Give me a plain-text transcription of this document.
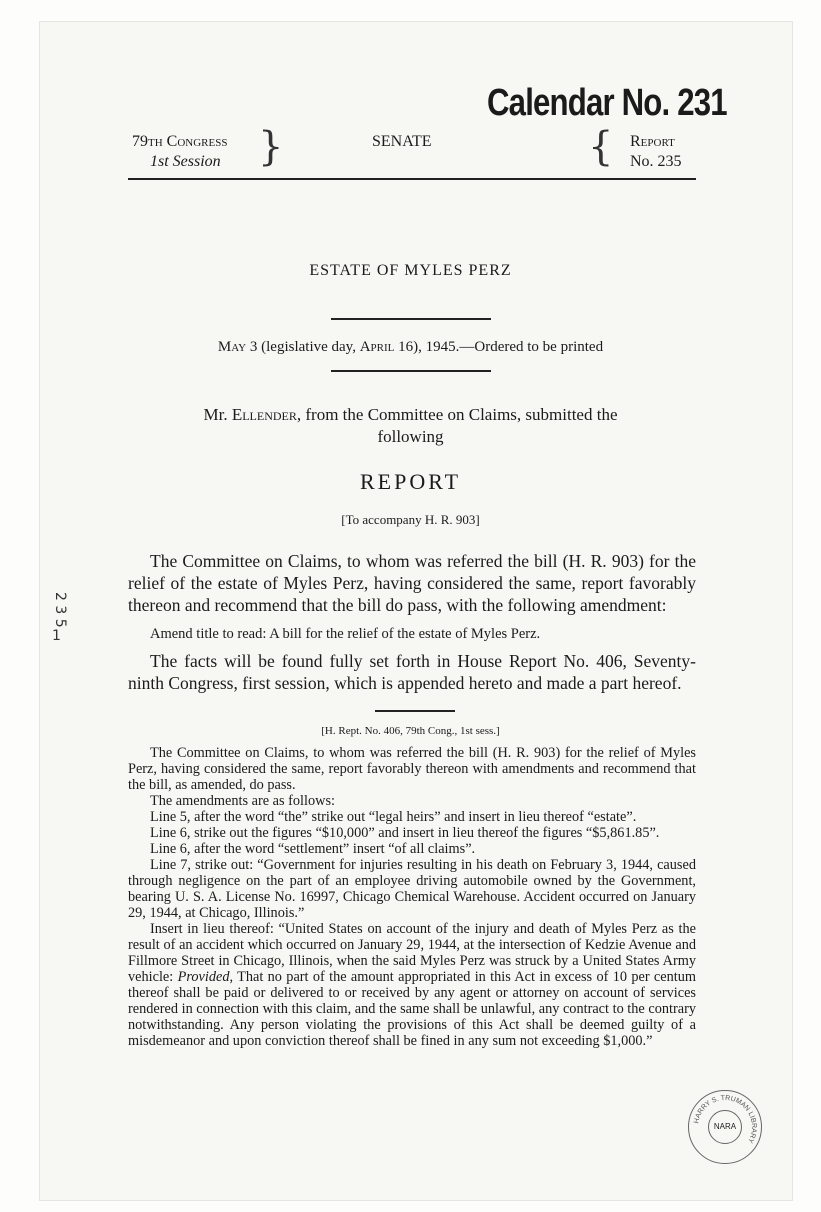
Calendar No. 231
79th Congress
1st Session }	SENATE	{ Report
No. 235
ESTATE OF MYLES PERZ
May 3 (legislative day, April 16), 1945.—Ordered to be printed
Mr. Ellender, from the Committee on Claims, submitted the
following
REPORT
[To accompany H. R. 903]

The Committee on Claims, to whom was referred the bill (H. R. 903) for the relief of the estate of Myles Perz, having considered the same, report favorably thereon and recommend that the bill do pass, with the following amendment:

Amend title to read: A bill for the relief of the estate of Myles Perz.

The facts will be found fully set forth in House Report No. 406, Seventy-ninth Congress, first session, which is appended hereto and made a part hereof.

[H. Rept. No. 406, 79th Cong., 1st sess.]

The Committee on Claims, to whom was referred the bill (H. R. 903) for the relief of Myles Perz, having considered the same, report favorably thereon with amendments and recommend that the bill, as amended, do pass.

The amendments are as follows:

Line 5, after the word “the” strike out “legal heirs” and insert in lieu thereof “estate”.

Line 6, strike out the figures “$10,000” and insert in lieu thereof the figures “$5,861.85”.

Line 6, after the word “settlement” insert “of all claims”.

Line 7, strike out: “Government for injuries resulting in his death on February 3, 1944, caused through negligence on the part of an employee driving automobile owned by the Government, bearing U. S. A. License No. 16997, Chicago Chemical Warehouse. Accident occurred on January 29, 1944, at Chicago, Illinois.”

Insert in lieu thereof: “United States on account of the injury and death of Myles Perz as the result of an accident which occurred on January 29, 1944, at the intersection of Kedzie Avenue and Fillmore Street in Chicago, Illinois, when the said Myles Perz was struck by a United States Army vehicle: Provided, That no part of the amount appropriated in this Act in excess of 10 per centum thereof shall be paid or delivered to or received by any agent or attorney on account of services rendered in connection with this claim, and the same shall be unlawful, any contract to the contrary notwithstanding. Any person violating the provisions of this Act shall be deemed guilty of a misdemeanor and upon conviction thereof shall be fined in any sum not exceeding $1,000.”

HARRY S. TRUMAN LIBRARY
NARA
2 3 5
1
